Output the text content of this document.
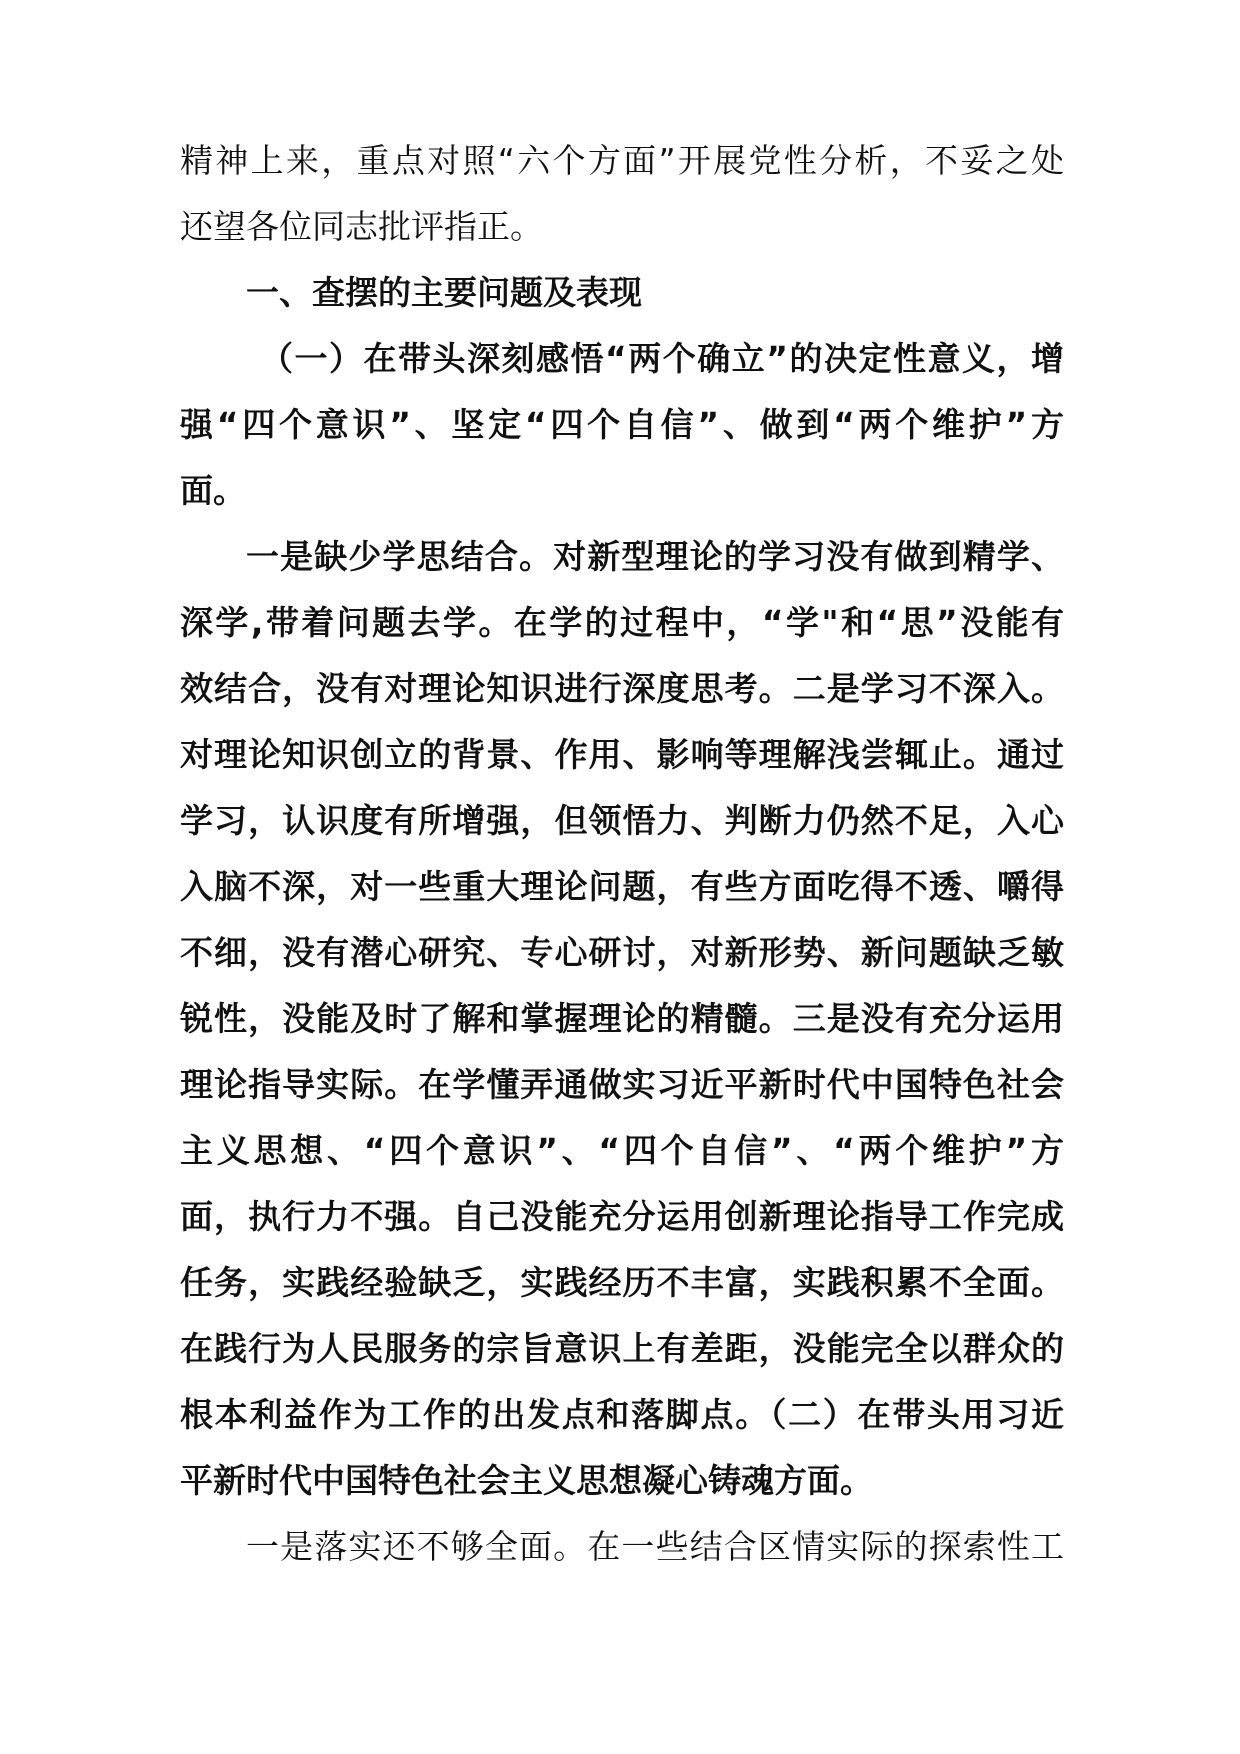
精神上来，重点对照“六个方面”开展党性分析，不妥之处
还望各位同志批评指正。
一、查摆的主要问题及表现
（一）在带头深刻感悟“两个确立”的决定性意义，增
强“四个意识”、坚定“四个自信”、做到“两个维护”方
面。
一是缺少学思结合。对新型理论的学习没有做到精学、
深学,带着问题去学。在学的过程中，“学"和“思”没能有
效结合，没有对理论知识进行深度思考。二是学习不深入。
对理论知识创立的背景、作用、影响等理解浅尝辄止。通过
学习，认识度有所增强，但领悟力、判断力仍然不足，入心
入脑不深，对一些重大理论问题，有些方面吃得不透、嚼得
不细，没有潜心研究、专心研讨，对新形势、新问题缺乏敏
锐性，没能及时了解和掌握理论的精髓。三是没有充分运用
理论指导实际。在学懂弄通做实习近平新时代中国特色社会
主义思想、“四个意识”、“四个自信”、“两个维护”方
面，执行力不强。自己没能充分运用创新理论指导工作完成
任务，实践经验缺乏，实践经历不丰富，实践积累不全面。
在践行为人民服务的宗旨意识上有差距，没能完全以群众的
根本利益作为工作的出发点和落脚点。（二）在带头用习近
平新时代中国特色社会主义思想凝心铸魂方面。
一是落实还不够全面。在一些结合区情实际的探索性工
